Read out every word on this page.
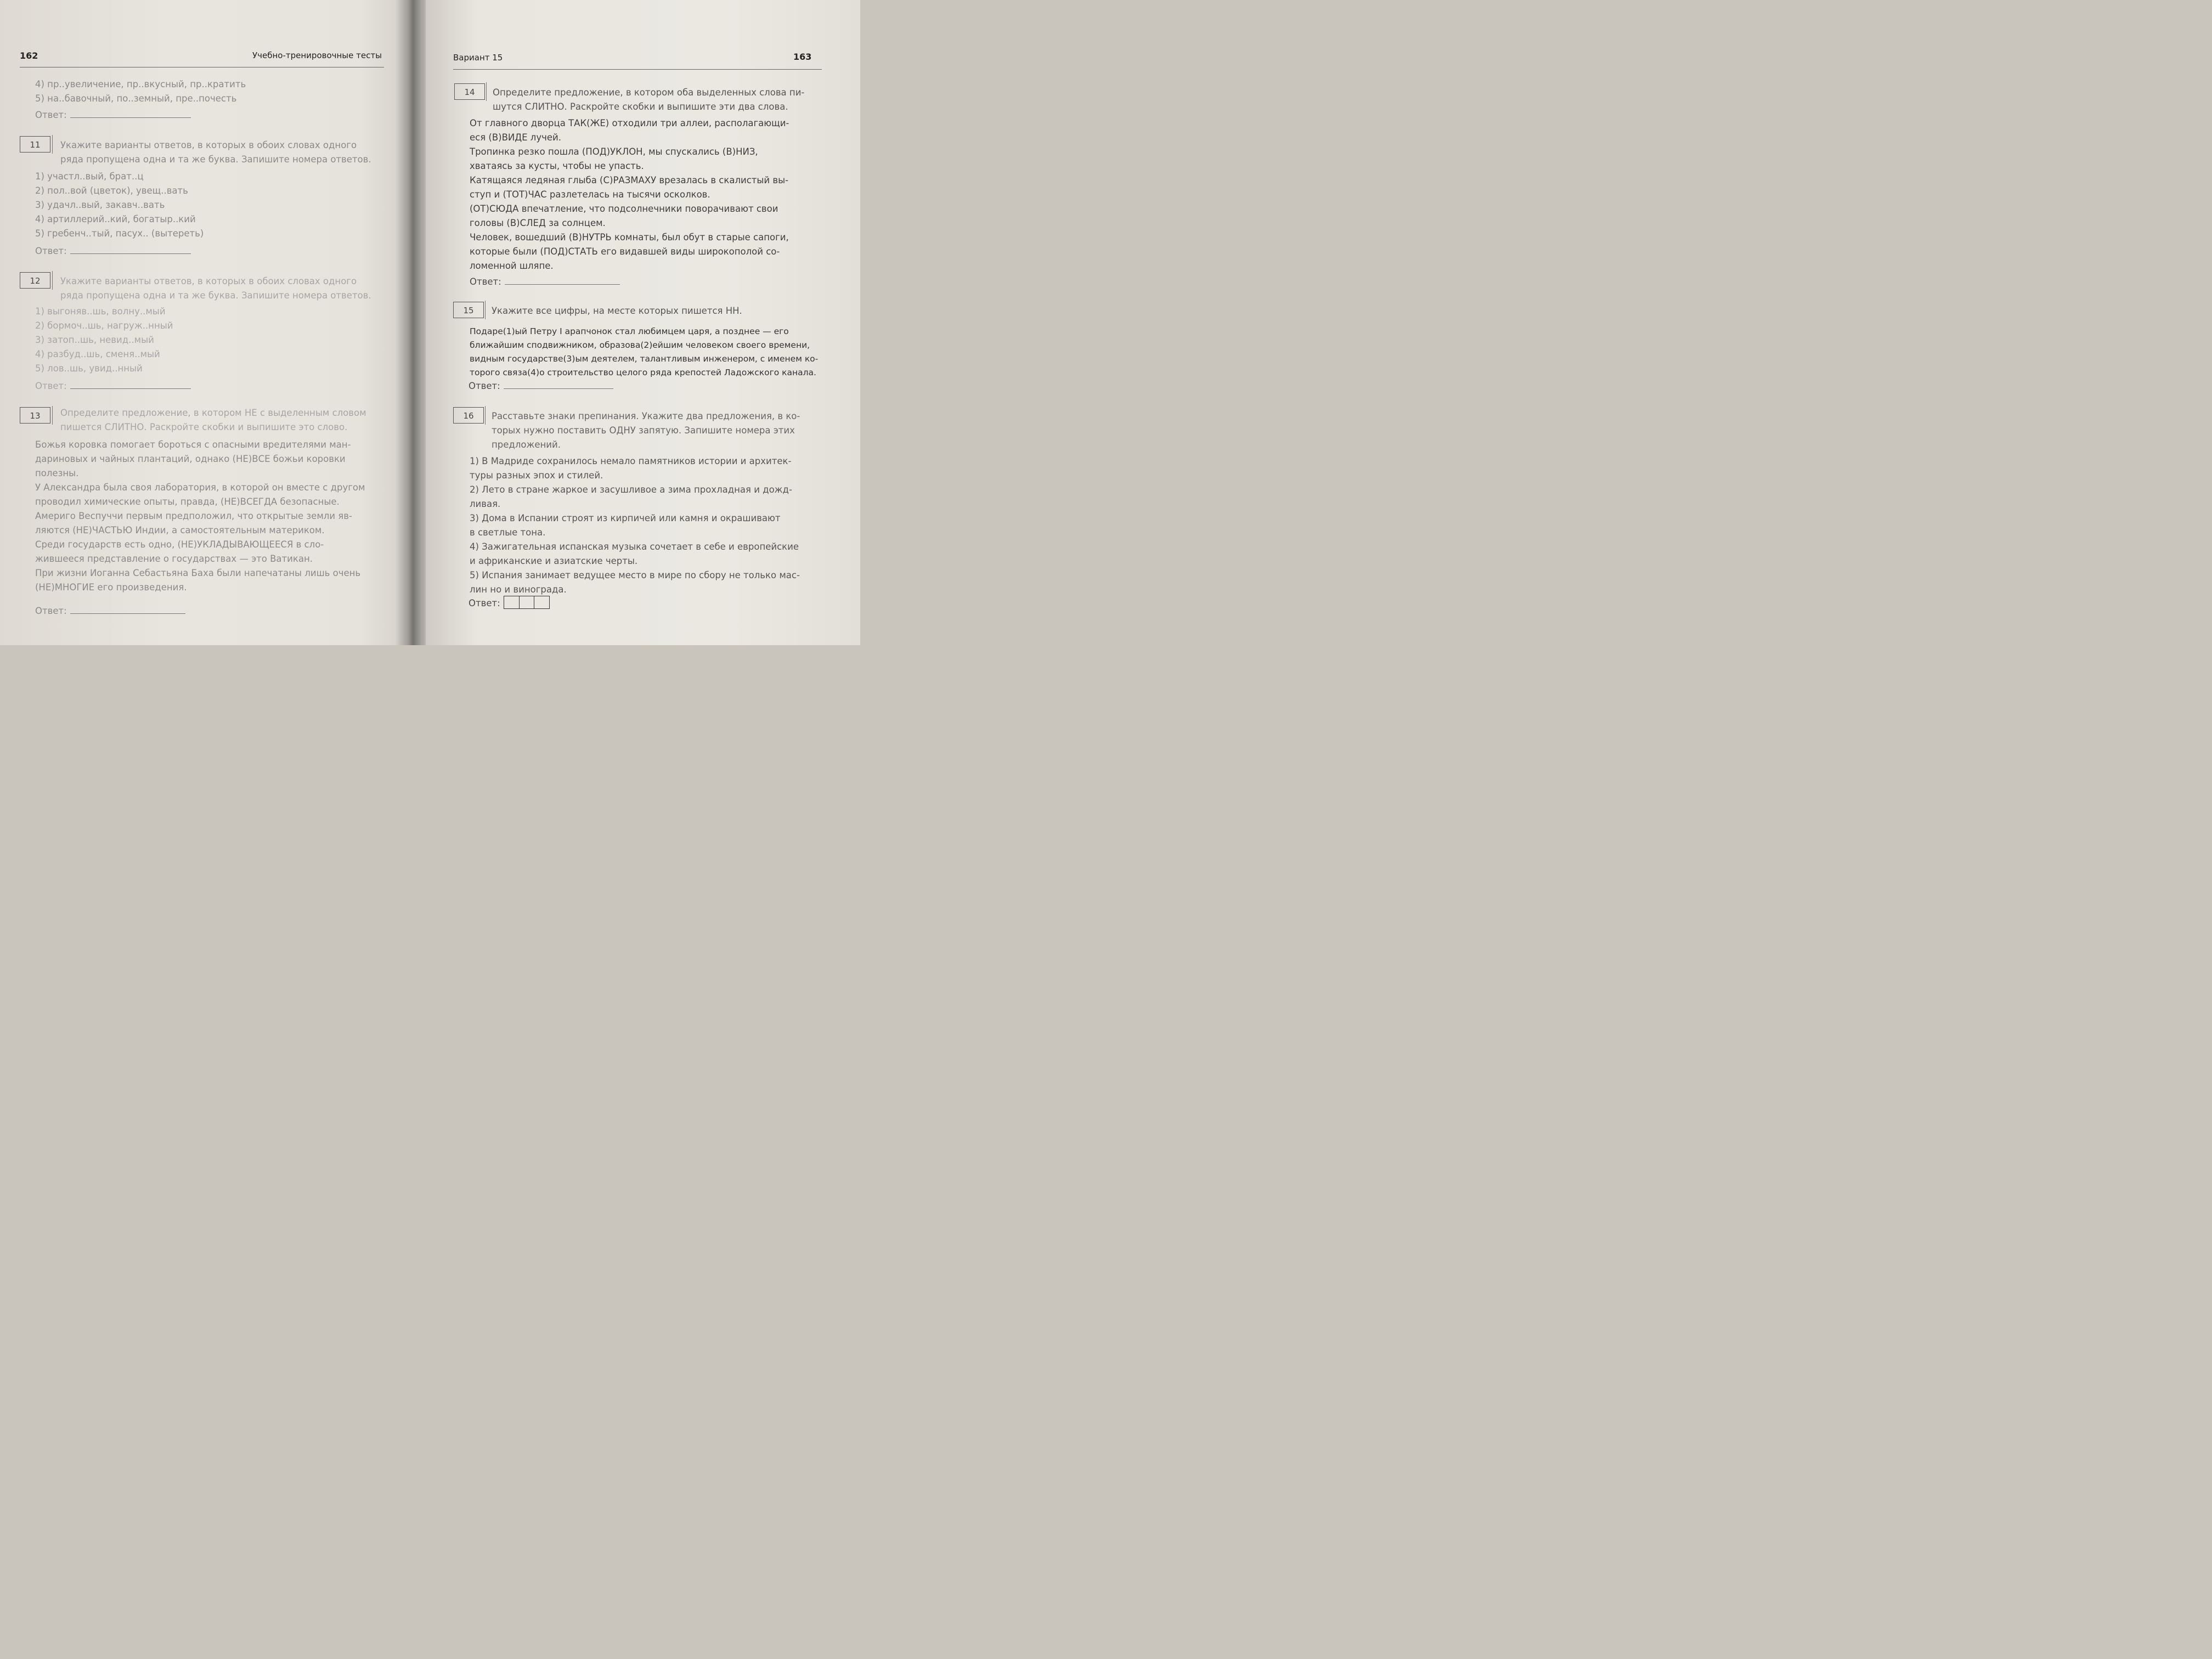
162	Учебно-тренировочные тесты
4) пр..увеличение, пр..вкусный, пр..кратить
5) на..бавочный, по..земный, пре..почесть
Ответ:
11	Укажите варианты ответов, в которых в обоих словах одного
ряда пропущена одна и та же буква. Запишите номера ответов.
1) участл..вый, брат..ц
2) пол..вой (цветок), увещ..вать
3) удачл..вый, закавч..вать
4) артиллерий..кий, богатыр..кий
5) гребенч..тый, пасух.. (вытереть)
Ответ:
12	Укажите варианты ответов, в которых в обоих словах одного
ряда пропущена одна и та же буква. Запишите номера ответов.
1) выгоняв..шь, волну..мый
2) бормоч..шь, нагруж..нный
3) затоп..шь, невид..мый
4) разбуд..шь, сменя..мый
5) лов..шь, увид..нный
Ответ:
13	Определите предложение, в котором НЕ с выделенным словом
пишется СЛИТНО. Раскройте скобки и выпишите это слово.
Божья коровка помогает бороться с опасными вредителями ман-
дариновых и чайных плантаций, однако (НЕ)ВСЕ божьи коровки
полезны.
У Александра была своя лаборатория, в которой он вместе с другом
проводил химические опыты, правда, (НЕ)ВСЕГДА безопасные.
Америго Веспуччи первым предположил, что открытые земли яв-
ляются (НЕ)ЧАСТЬЮ Индии, а самостоятельным материком.
Среди государств есть одно, (НЕ)УКЛАДЫВАЮЩЕЕСЯ в сло-
жившееся представление о государствах — это Ватикан.
При жизни Иоганна Себастьяна Баха были напечатаны лишь очень
(НЕ)МНОГИЕ его произведения.
Ответ:
Вариант 15	163
14	Определите предложение, в котором оба выделенных слова пи-
шутся СЛИТНО. Раскройте скобки и выпишите эти два слова.
От главного дворца ТАК(ЖЕ) отходили три аллеи, располагающи-
еся (В)ВИДЕ лучей.
Тропинка резко пошла (ПОД)УКЛОН, мы спускались (В)НИЗ,
хватаясь за кусты, чтобы не упасть.
Катящаяся ледяная глыба (С)РАЗМАХУ врезалась в скалистый вы-
ступ и (ТОТ)ЧАС разлетелась на тысячи осколков.
(ОТ)СЮДА впечатление, что подсолнечники поворачивают свои
головы (В)СЛЕД за солнцем.
Человек, вошедший (В)НУТРЬ комнаты, был обут в старые сапоги,
которые были (ПОД)СТАТЬ его видавшей виды широкополой со-
ломенной шляпе.
Ответ:
15	Укажите все цифры, на месте которых пишется НН.
Подаре(1)ый Петру I арапчонок стал любимцем царя, а позднее — его
ближайшим сподвижником, образова(2)ейшим человеком своего времени,
видным государстве(3)ым деятелем, талантливым инженером, с именем ко-
торого связа(4)о строительство целого ряда крепостей Ладожского канала.
Ответ:
16	Расставьте знаки препинания. Укажите два предложения, в ко-
торых нужно поставить ОДНУ запятую. Запишите номера этих
предложений.
1) В Мадриде сохранилось немало памятников истории и архитек-
туры разных эпох и стилей.
2) Лето в стране жаркое и засушливое а зима прохладная и дожд-
ливая.
3) Дома в Испании строят из кирпичей или камня и окрашивают
в светлые тона.
4) Зажигательная испанская музыка сочетает в себе и европейские
и африканские и азиатские черты.
5) Испания занимает ведущее место в мире по сбору не только мас-
лин но и винограда.
Ответ:
